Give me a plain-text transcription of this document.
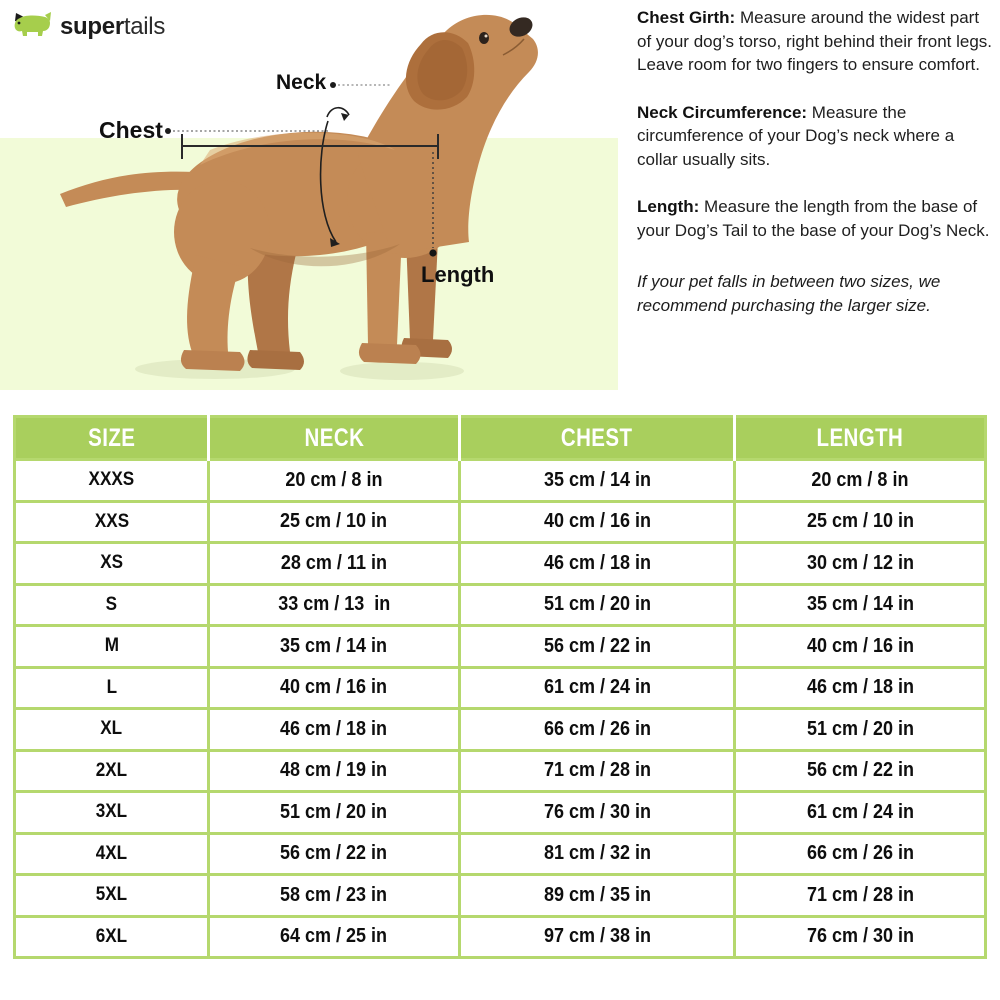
supertails
Neck
Chest
Length

Chest Girth: Measure around the widest part of your dog’s torso, right behind their front legs. Leave room for two fingers to ensure comfort.

Neck Circumference: Measure the circumference of your Dog’s neck where a collar usually sits.

Length: Measure the length from the base of your Dog’s Tail to the base of your Dog’s Neck.

If your pet falls in between two sizes, we recommend purchasing the larger size.

SIZE	NECK	CHEST	LENGTH
XXXS	20 cm / 8 in	35 cm / 14 in	20 cm / 8 in
XXS	25 cm / 10 in	40 cm / 16 in	25 cm / 10 in
XS	28 cm / 11 in	46 cm / 18 in	30 cm / 12 in
S	33 cm / 13  in	51 cm / 20 in	35 cm / 14 in
M	35 cm / 14 in	56 cm / 22 in	40 cm / 16 in
L	40 cm / 16 in	61 cm / 24 in	46 cm / 18 in
XL	46 cm / 18 in	66 cm / 26 in	51 cm / 20 in
2XL	48 cm / 19 in	71 cm / 28 in	56 cm / 22 in
3XL	51 cm / 20 in	76 cm / 30 in	61 cm / 24 in
4XL	56 cm / 22 in	81 cm / 32 in	66 cm / 26 in
5XL	58 cm / 23 in	89 cm / 35 in	71 cm / 28 in
6XL	64 cm / 25 in	97 cm / 38 in	76 cm / 30 in
